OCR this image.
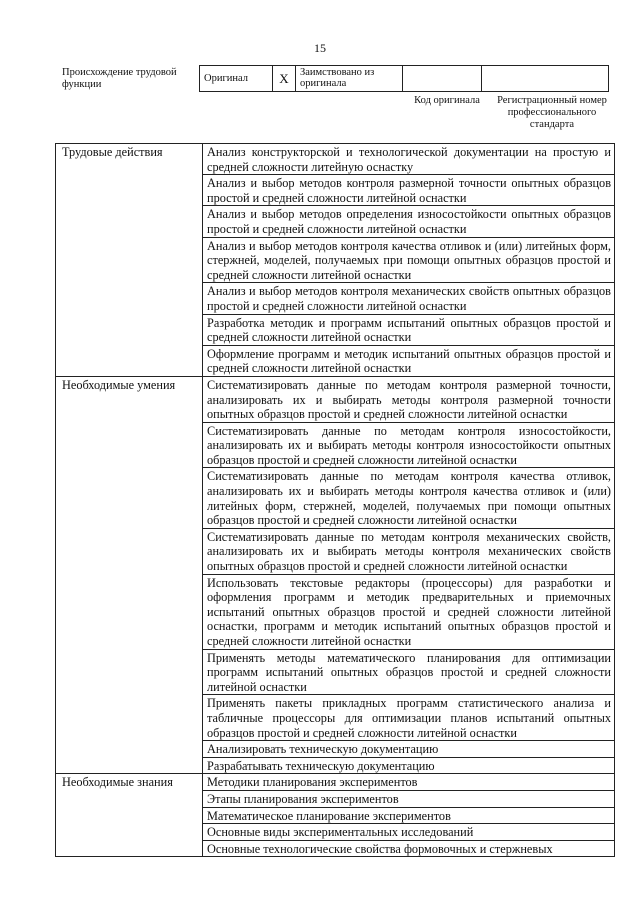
15
Происхождение трудовой функции
Оригинал	X	Заимствовано из оригинала		
Код оригинала	Регистрационный номер профессионального стандарта
Трудовые действия	Анализ конструкторской и технологической документации на простую и средней сложности литейную оснастку
	Анализ и выбор методов контроля размерной точности опытных образцов простой и средней сложности литейной оснастки
	Анализ и выбор методов определения износостойкости опытных образцов простой и средней сложности литейной оснастки
	Анализ и выбор методов контроля качества отливок и (или) литейных форм, стержней, моделей, получаемых при помощи опытных образцов простой и средней сложности литейной оснастки
	Анализ и выбор методов контроля механических свойств опытных образцов простой и средней сложности литейной оснастки
	Разработка методик и программ испытаний опытных образцов простой и средней сложности литейной оснастки
	Оформление программ и методик испытаний опытных образцов простой и средней сложности литейной оснастки
Необходимые умения	Систематизировать данные по методам контроля размерной точности, анализировать их и выбирать методы контроля размерной точности опытных образцов простой и средней сложности литейной оснастки
	Систематизировать данные по методам контроля износостойкости, анализировать их и выбирать методы контроля износостойкости опытных образцов простой и средней сложности литейной оснастки
	Систематизировать данные по методам контроля качества отливок, анализировать их и выбирать методы контроля качества отливок и (или) литейных форм, стержней, моделей, получаемых при помощи опытных образцов простой и средней сложности литейной оснастки
	Систематизировать данные по методам контроля механических свойств, анализировать их и выбирать методы контроля механических свойств опытных образцов простой и средней сложности литейной оснастки
	Использовать текстовые редакторы (процессоры) для разработки и оформления программ и методик предварительных и приемочных испытаний опытных образцов простой и средней сложности литейной оснастки, программ и методик испытаний опытных образцов простой и средней сложности литейной оснастки
	Применять методы математического планирования для оптимизации программ испытаний опытных образцов простой и средней сложности литейной оснастки
	Применять пакеты прикладных программ статистического анализа и табличные процессоры для оптимизации планов испытаний опытных образцов простой и средней сложности литейной оснастки
	Анализировать техническую документацию
	Разрабатывать техническую документацию
Необходимые знания	Методики планирования экспериментов
	Этапы планирования экспериментов
	Математическое планирование экспериментов
	Основные виды экспериментальных исследований
	Основные технологические свойства формовочных и стержневых
